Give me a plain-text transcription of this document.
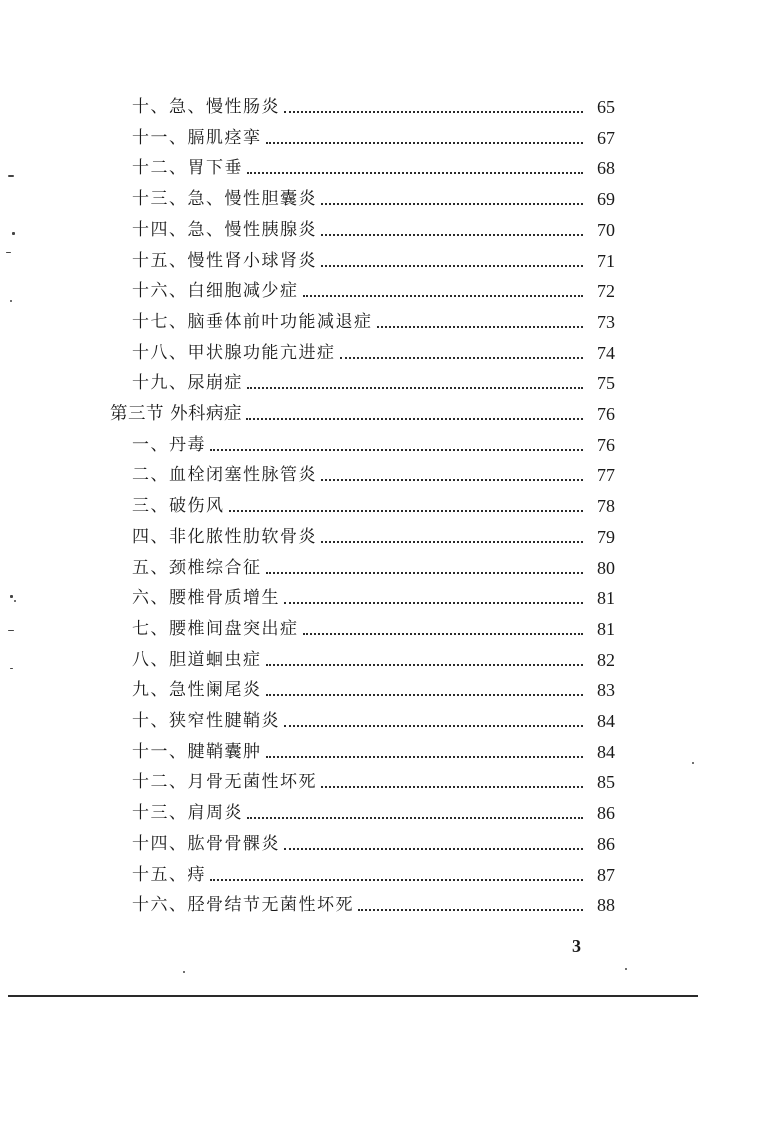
十、急、慢性肠炎	65
十一、膈肌痉挛	67
十二、胃下垂	68
十三、急、慢性胆囊炎	69
十四、急、慢性胰腺炎	70
十五、慢性肾小球肾炎	71
十六、白细胞减少症	72
十七、脑垂体前叶功能减退症	73
十八、甲状腺功能亢进症	74
十九、尿崩症	75
第三节 外科病症	76
一、丹毒	76
二、血栓闭塞性脉管炎	77
三、破伤风	78
四、非化脓性肋软骨炎	79
五、颈椎综合征	80
六、腰椎骨质增生	81
七、腰椎间盘突出症	81
八、胆道蛔虫症	82
九、急性阑尾炎	83
十、狭窄性腱鞘炎	84
十一、腱鞘囊肿	84
十二、月骨无菌性坏死	85
十三、肩周炎	86
十四、肱骨骨髁炎	86
十五、痔	87
十六、胫骨结节无菌性坏死	88
3
